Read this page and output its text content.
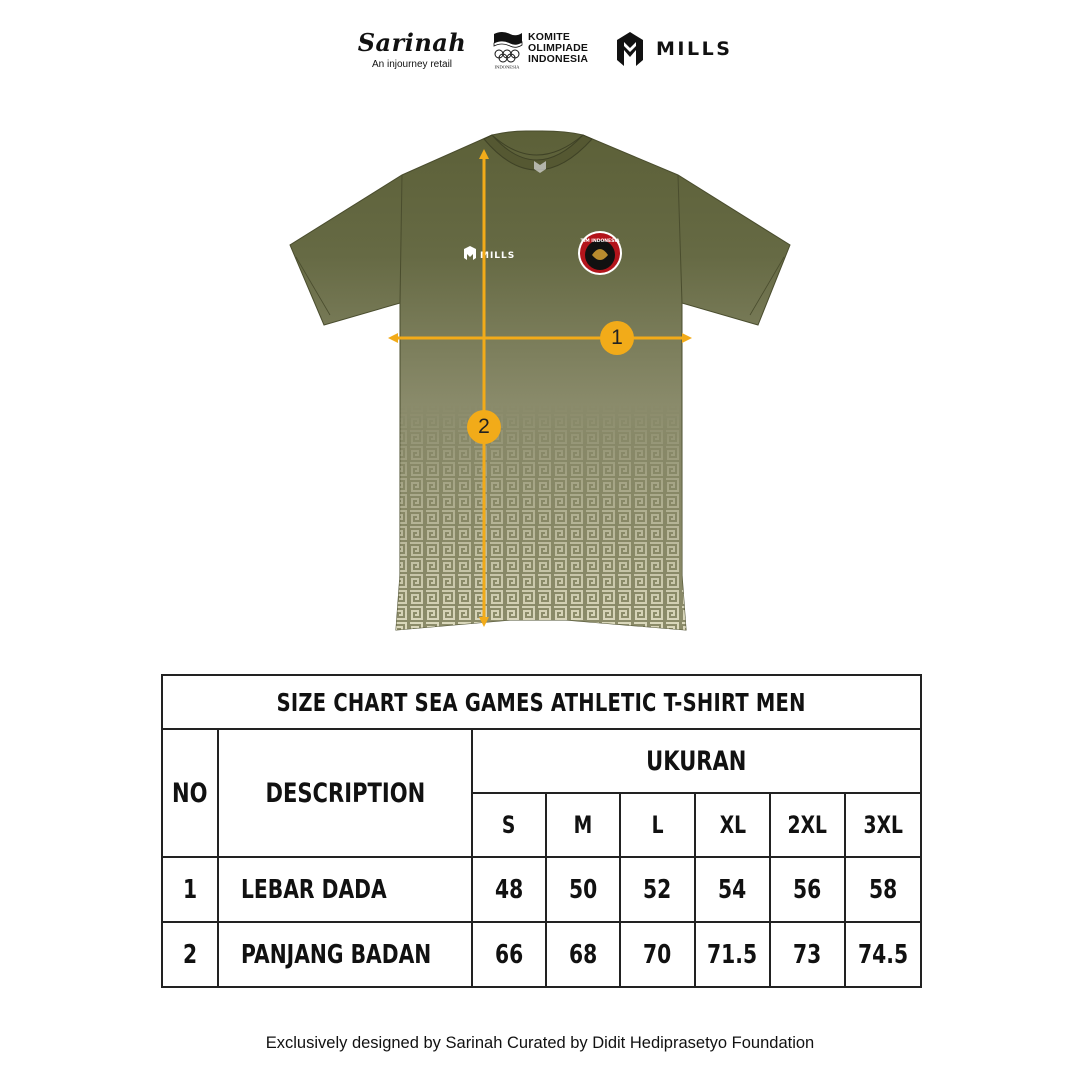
Sarinah
An injourney retail	INDONESIA
KOMITE
OLIMPIADE
INDONESIA	MILLS
MILLS
TIM INDONESIA
1
2
SIZE CHART SEA GAMES ATHLETIC T-SHIRT MEN							
NO	DESCRIPTION	UKURAN					
		S	M	L	XL	2XL	3XL
1	LEBAR DADA	48	50	52	54	56	58
2	PANJANG BADAN	66	68	70	71.5	73	74.5
Exclusively designed by Sarinah Curated by Didit Hediprasetyo Foundation
